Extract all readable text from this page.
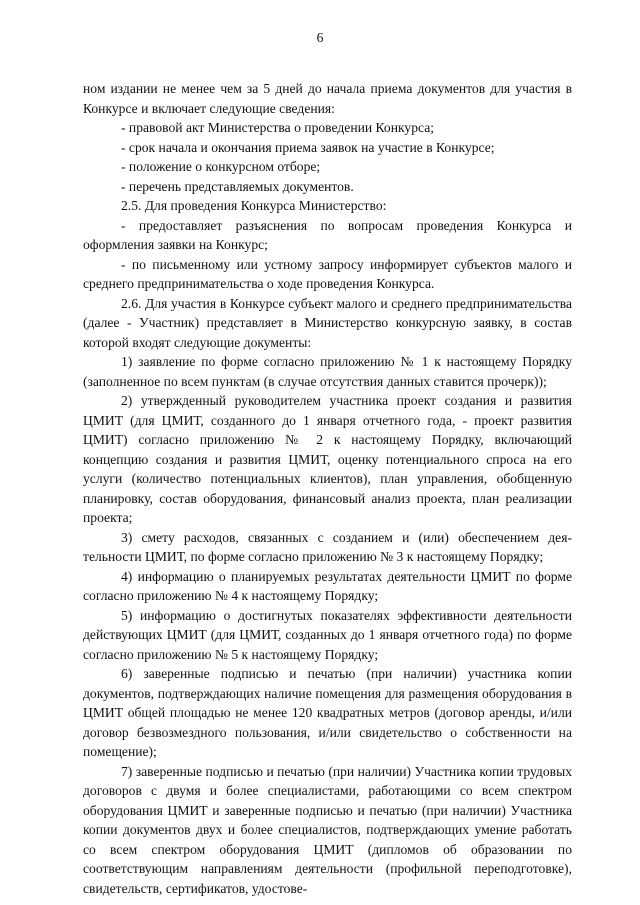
6

ном издании не менее чем за 5 дней до начала приема документов для участия в Конкурсе и включает следующие сведения:

- правовой акт Министерства о проведении Конкурса;

- срок начала и окончания приема заявок на участие в Конкурсе;

- положение о конкурсном отборе;

- перечень представляемых документов.

2.5. Для проведения Конкурса Министерство:

- предоставляет разъяснения по вопросам проведения Конкурса и оформления заявки на Конкурс;

- по письменному или устному запросу информирует субъектов малого и среднего предпринимательства о ходе проведения Конкурса.

2.6. Для участия в Конкурсе субъект малого и среднего предпринимательства (далее - Участник) представляет в Министерство конкурсную заявку, в состав которой входят следующие документы:

1) заявление по форме согласно приложению № 1 к настоящему Порядку (заполненное по всем пунктам (в случае отсутствия данных ставится прочерк));

2) утвержденный руководителем участника проект создания и развития ЦМИТ (для ЦМИТ, созданного до 1 января отчетного года, - проект развития ЦМИТ) согласно приложению № 2 к настоящему Порядку, включающий концепцию создания и развития ЦМИТ, оценку потенциального спроса на его услуги (количество потенциальных клиентов), план управления, обобщенную планировку, состав оборудования, финансовый анализ проекта, план реализации проекта;

3) смету расходов, связанных с созданием и (или) обеспечением деятельности ЦМИТ, по форме согласно приложению № 3 к настоящему Порядку;

4) информацию о планируемых результатах деятельности ЦМИТ по форме согласно приложению № 4 к настоящему Порядку;

5) информацию о достигнутых показателях эффективности деятельности действующих ЦМИТ (для ЦМИТ, созданных до 1 января отчетного года) по форме согласно приложению № 5 к настоящему Порядку;

6) заверенные подписью и печатью (при наличии) участника копии документов, подтверждающих наличие помещения для размещения оборудования в ЦМИТ общей площадью не менее 120 квадратных метров (договор аренды, и/или договор безвозмездного пользования, и/или свидетельство о собственности на помещение);

7) заверенные подписью и печатью (при наличии) Участника копии трудовых договоров с двумя и более специалистами, работающими со всем спектром оборудования ЦМИТ и заверенные подписью и печатью (при наличии) Участника копии документов двух и более специалистов, подтверждающих умение работать со всем спектром оборудования ЦМИТ (дипломов об образовании по соответствующим направлениям деятельности (профильной переподготовке), свидетельств, сертификатов, удостове-
